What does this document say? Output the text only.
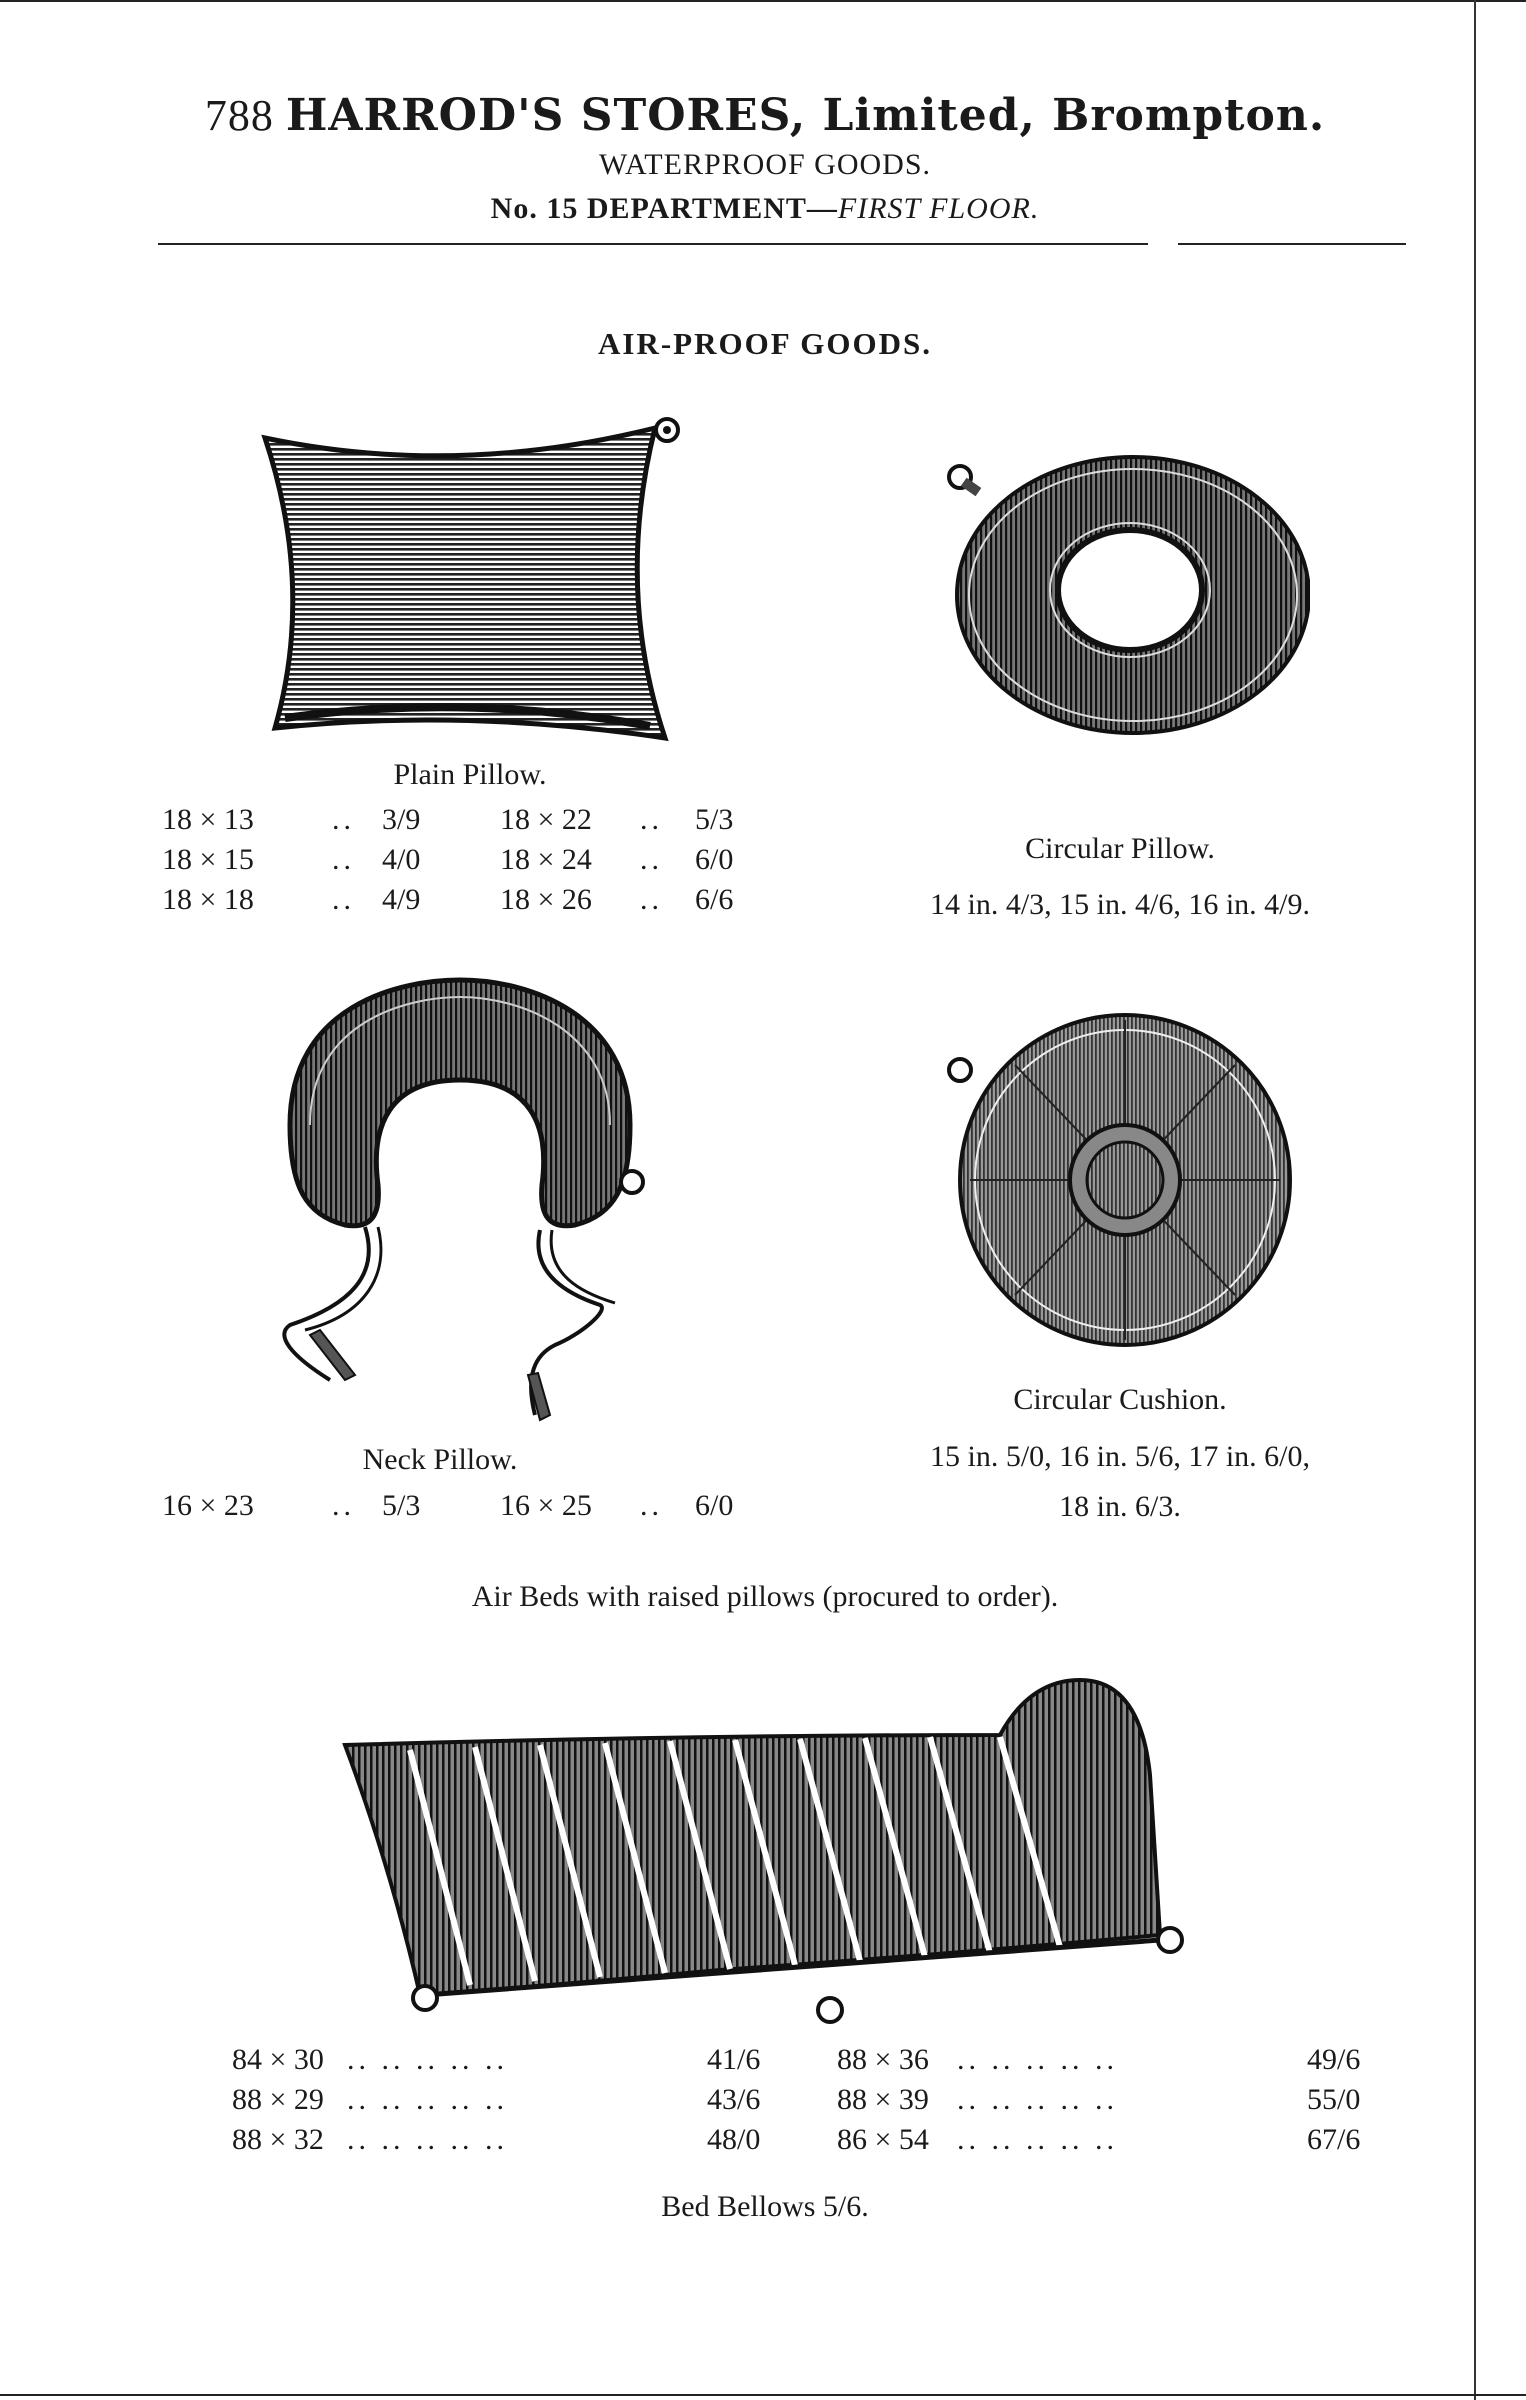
788 HARROD'S STORES, Limited, Brompton.
WATERPROOF GOODS.
No. 15 DEPARTMENT—FIRST FLOOR.
AIR-PROOF GOODS.
Plain Pillow.
18 × 13	..	3/9	18 × 22	..	5/3
18 × 15	..	4/0	18 × 24	..	6/0
18 × 18	..	4/9	18 × 26	..	6/6
Circular Pillow.
14 in. 4/3, 15 in. 4/6, 16 in. 4/9.
Neck Pillow.
16 × 23	..	5/3	16 × 25	..	6/0
Circular Cushion.
15 in. 5/0, 16 in. 5/6, 17 in. 6/0,
18 in. 6/3.
Air Beds with raised pillows (procured to order).
84 × 30	.. .. .. .. ..	41/6	88 × 36	.. .. .. .. ..	49/6
88 × 29	.. .. .. .. ..	43/6	88 × 39	.. .. .. .. ..	55/0
88 × 32	.. .. .. .. ..	48/0	86 × 54	.. .. .. .. ..	67/6
Bed Bellows 5/6.
